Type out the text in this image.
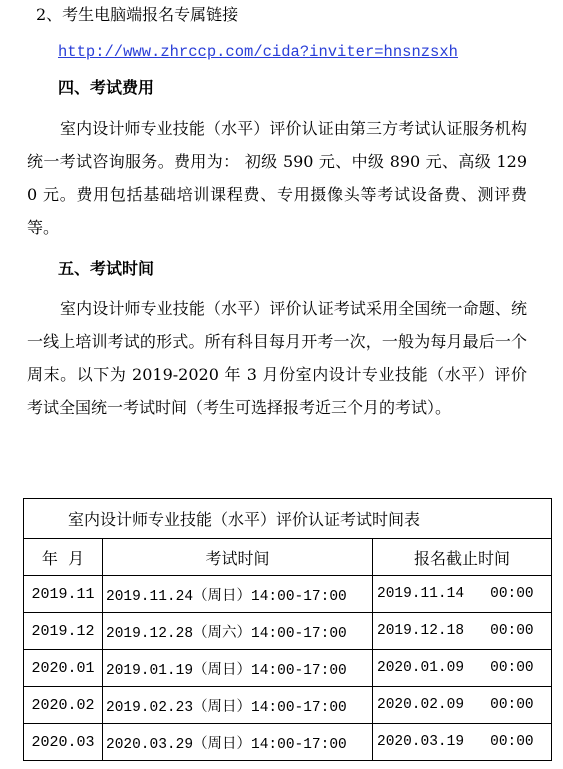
2、考生电脑端报名专属链接
http://www.zhrccp.com/cida?inviter=hnsnzsxh
四、考试费用

室内设计师专业技能（水平）评价认证由第三方考试认证服务机构统一考试咨询服务。费用为： 初级 590 元、中级 890 元、高级 1290 元。费用包括基础培训课程费、专用摄像头等考试设备费、测评费等。

五、考试时间

室内设计师专业技能（水平）评价认证考试采用全国统一命题、统一线上培训考试的形式。所有科目每月开考一次，一般为每月最后一个周末。以下为 2019-2020 年 3 月份室内设计专业技能（水平）评价考试全国统一考试时间（考生可选择报考近三个月的考试）。

室内设计师专业技能（水平）评价认证考试时间表		
年  月	考试时间	报名截止时间
2019.11	2019.11.24（周日）14:00-17:00	2019.11.14   00:00
2019.12	2019.12.28（周六）14:00-17:00	2019.12.18   00:00
2020.01	2019.01.19（周日）14:00-17:00	2020.01.09   00:00
2020.02	2019.02.23（周日）14:00-17:00	2020.02.09   00:00
2020.03	2020.03.29（周日）14:00-17:00	2020.03.19   00:00
